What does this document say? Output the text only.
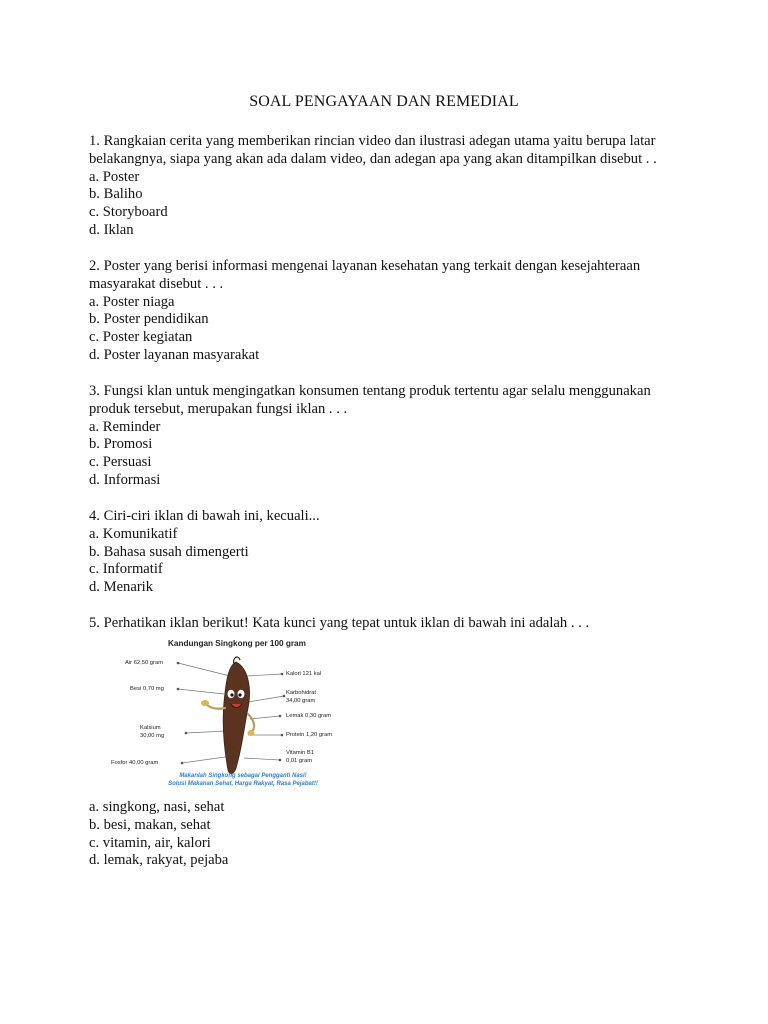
SOAL PENGAYAAN DAN REMEDIAL

1. Rangkaian cerita yang memberikan rincian video dan ilustrasi adegan utama yaitu berupa latar

belakangnya, siapa yang akan ada dalam video, dan adegan apa yang akan ditampilkan disebut . .

a. Poster

b. Baliho

c. Storyboard

d. Iklan

2. Poster yang berisi informasi mengenai layanan kesehatan yang terkait dengan kesejahteraan

masyarakat disebut . . .

a. Poster niaga

b. Poster pendidikan

c. Poster kegiatan

d. Poster layanan masyarakat

3. Fungsi klan untuk mengingatkan konsumen tentang produk tertentu agar selalu menggunakan

produk tersebut, merupakan fungsi iklan . . .

a. Reminder

b. Promosi

c. Persuasi

d. Informasi

4. Ciri-ciri iklan di bawah ini, kecuali...

a. Komunikatif

b. Bahasa susah dimengerti

c. Informatif

d. Menarik

5. Perhatikan iklan berikut! Kata kunci yang tepat untuk iklan di bawah ini adalah . . .

Kandungan Singkong per 100 gram
Air 62,50 gram
Besi 0,70 mg
Kalsium
30,00 mg
Fosfor 40,00 gram
Kalori 121 kal
Karbohidrat
34,00 gram
Lemak 0,30 gram
Protein 1,20 gram
Vitamin B1
0,01 gram
Makanlah Singkong sebagai Pengganti Nasi!
Solusi Makanan Sehat, Harga Rakyat, Rasa Pejabat!!

a. singkong, nasi, sehat

b. besi, makan, sehat

c. vitamin, air, kalori

d. lemak, rakyat, pejaba
